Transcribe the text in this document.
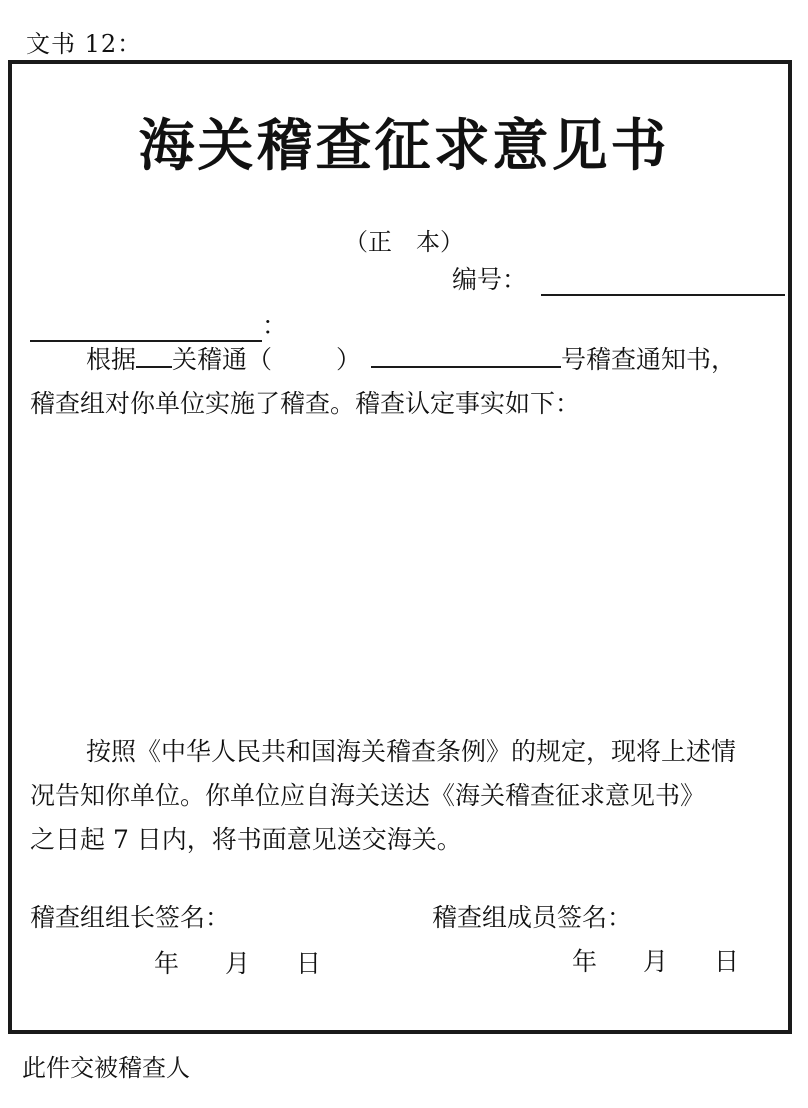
文书 12：
海关稽查征求意见书
（正　本）
编号：
：
根据 关稽通（	）	号稽查通知书，
稽查组对你单位实施了稽查。稽查认定事实如下：
按照《中华人民共和国海关稽查条例》的规定，现将上述情
况告知你单位。你单位应自海关送达《海关稽查征求意见书》
之日起 7 日内，将书面意见送交海关。
稽查组组长签名：	稽查组成员签名：
年 月 日	年 月 日
此件交被稽查人
